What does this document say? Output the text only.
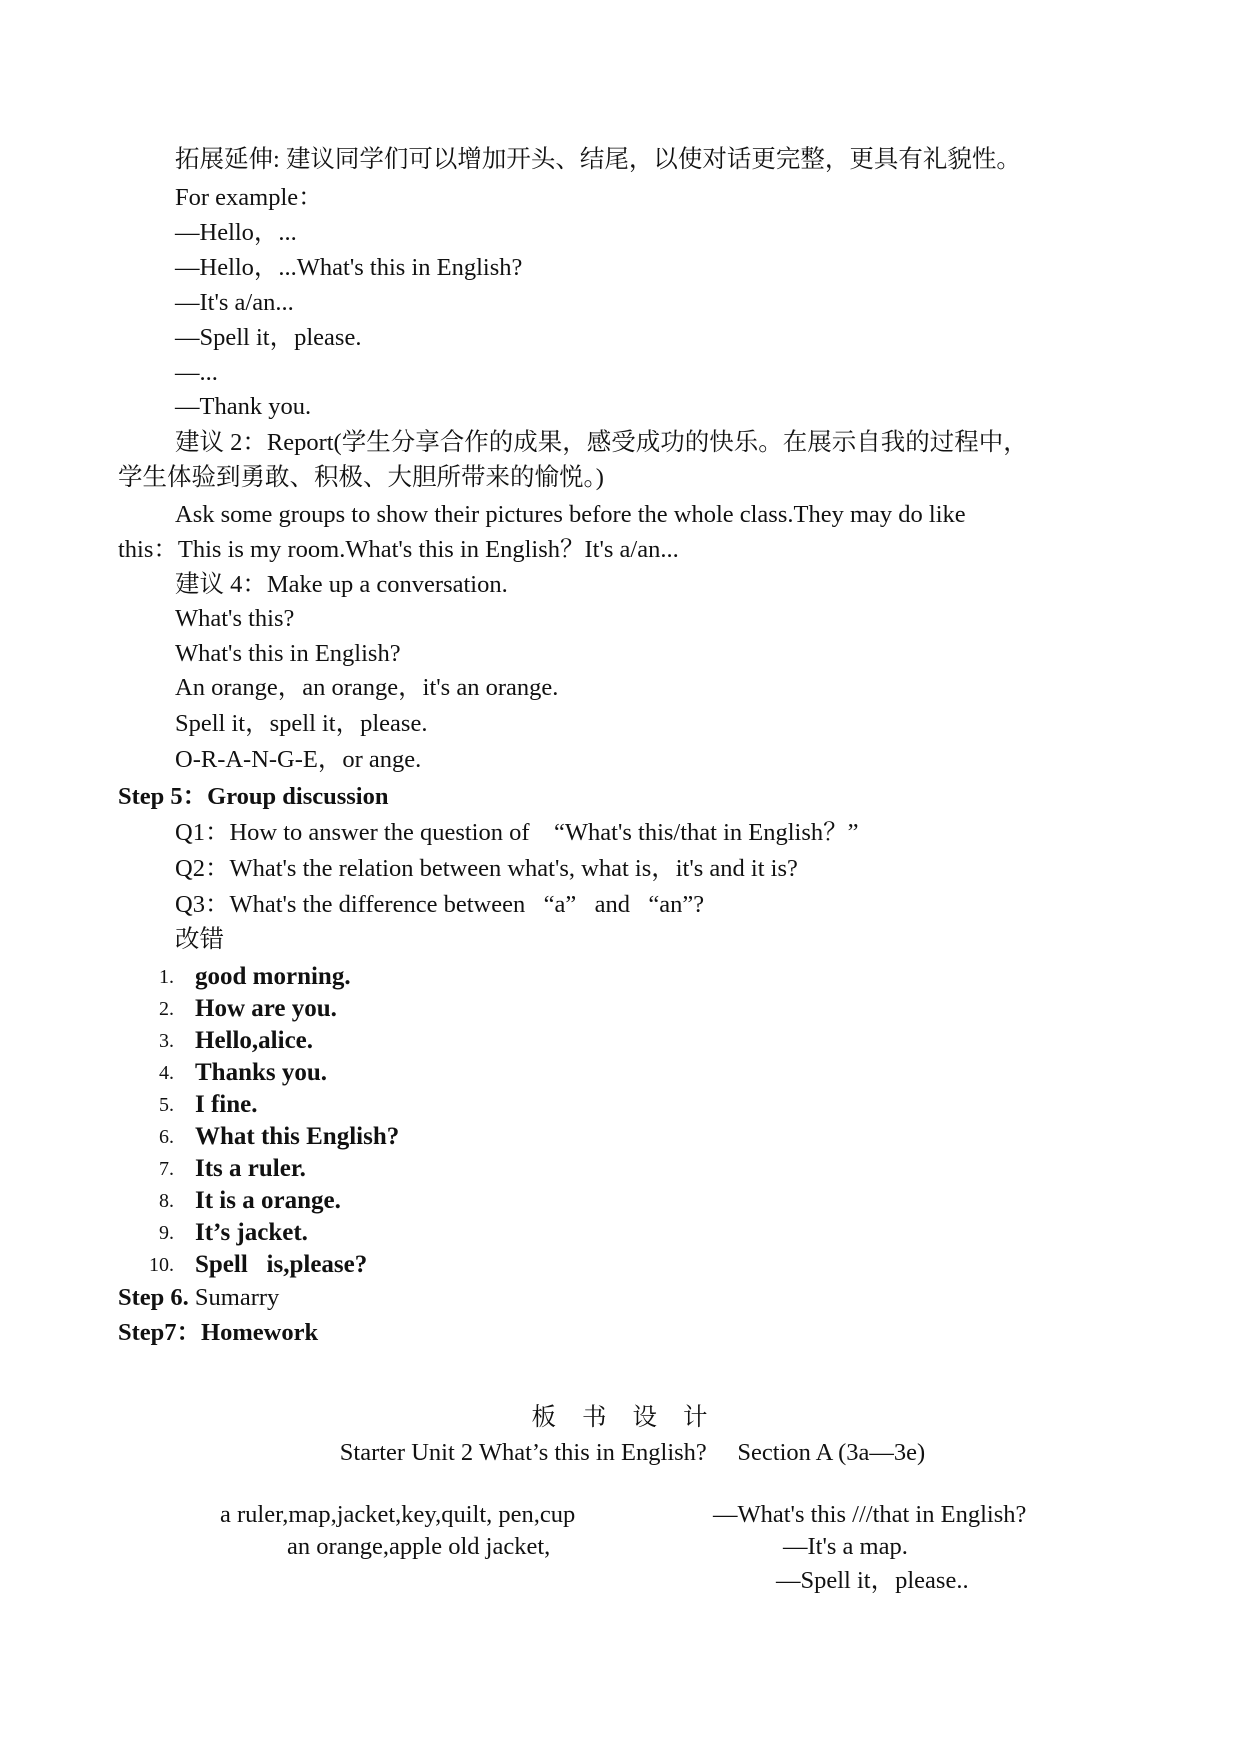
拓展延伸: 建议同学们可以增加开头、结尾，以使对话更完整，更具有礼貌性。
For example：
—Hello，...
—Hello，...What's this in English?
—It's a/an...
—Spell it，please.
—...
—Thank you.
建议 2：Report(学生分享合作的成果，感受成功的快乐。在展示自我的过程中，
学生体验到勇敢、积极、大胆所带来的愉悦。)
Ask some groups to show their pictures before the whole class.They may do like
this：This is my room.What's this in English？It's a/an...
建议 4：Make up a conversation.
What's this?
What's this in English?
An orange，an orange，it's an orange.
Spell it，spell it，please.
O-R-A-N-G-E，or ange.
Step 5：Group discussion
Q1：How to answer the question of    “What's this/that in English？”
Q2：What's the relation between what's, what is，it's and it is?
Q3：What's the difference between   “a”   and   “an”?
改错
1. good morning.
2. How are you.
3. Hello,alice.
4. Thanks you.
5. I fine.
6. What this English?
7. Its a ruler.
8. It is a orange.
9. It’s jacket.
10. Spell   is,please?
Step 6. Sumarry
Step7：Homework
板书设计
Starter Unit 2 What’s this in English?     Section A (3a—3e)
a ruler,map,jacket,key,quilt, pen,cup
an orange,apple old jacket,
—What's this ///that in English?
—It's a map.
—Spell it，please..
